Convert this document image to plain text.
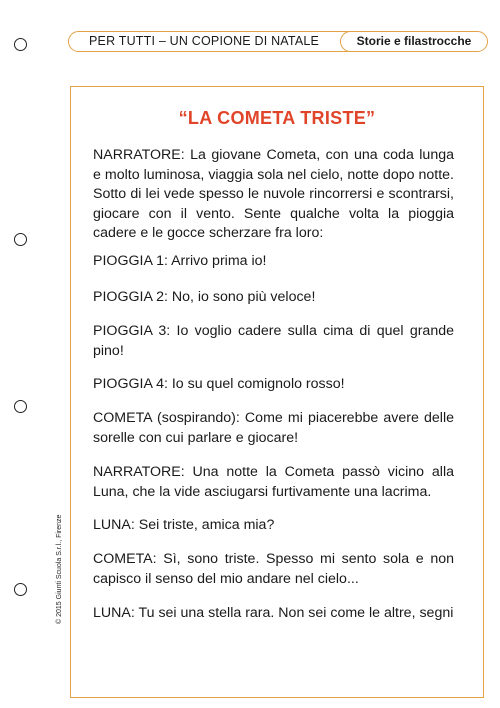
PER TUTTI – UN COPIONE DI NATALE	Storie e filastrocche
“LA COMETA TRISTE”

NARRATORE: La giovane Cometa, con una coda lunga e molto luminosa, viaggia sola nel cielo, notte dopo notte. Sotto di lei vede spesso le nuvole rincorrersi e scontrarsi, giocare con il vento. Sente qualche volta la pioggia cadere e le gocce scherzare fra loro:

PIOGGIA 1: Arrivo prima io!

PIOGGIA 2: No, io sono più veloce!

PIOGGIA 3: Io voglio cadere sulla cima di quel grande pino!

PIOGGIA 4: Io su quel comignolo rosso!

COMETA (sospirando): Come mi piacerebbe avere delle sorelle con cui parlare e giocare!

NARRATORE: Una notte la Cometa passò vicino alla Luna, che la vide asciugarsi furtivamente una lacrima.

LUNA: Sei triste, amica mia?

COMETA: Sì, sono triste. Spesso mi sento sola e non capisco il senso del mio andare nel cielo...

LUNA: Tu sei una stella rara. Non sei come le altre, segni

© 2015 Giunti Scuola S.r.l., Firenze
